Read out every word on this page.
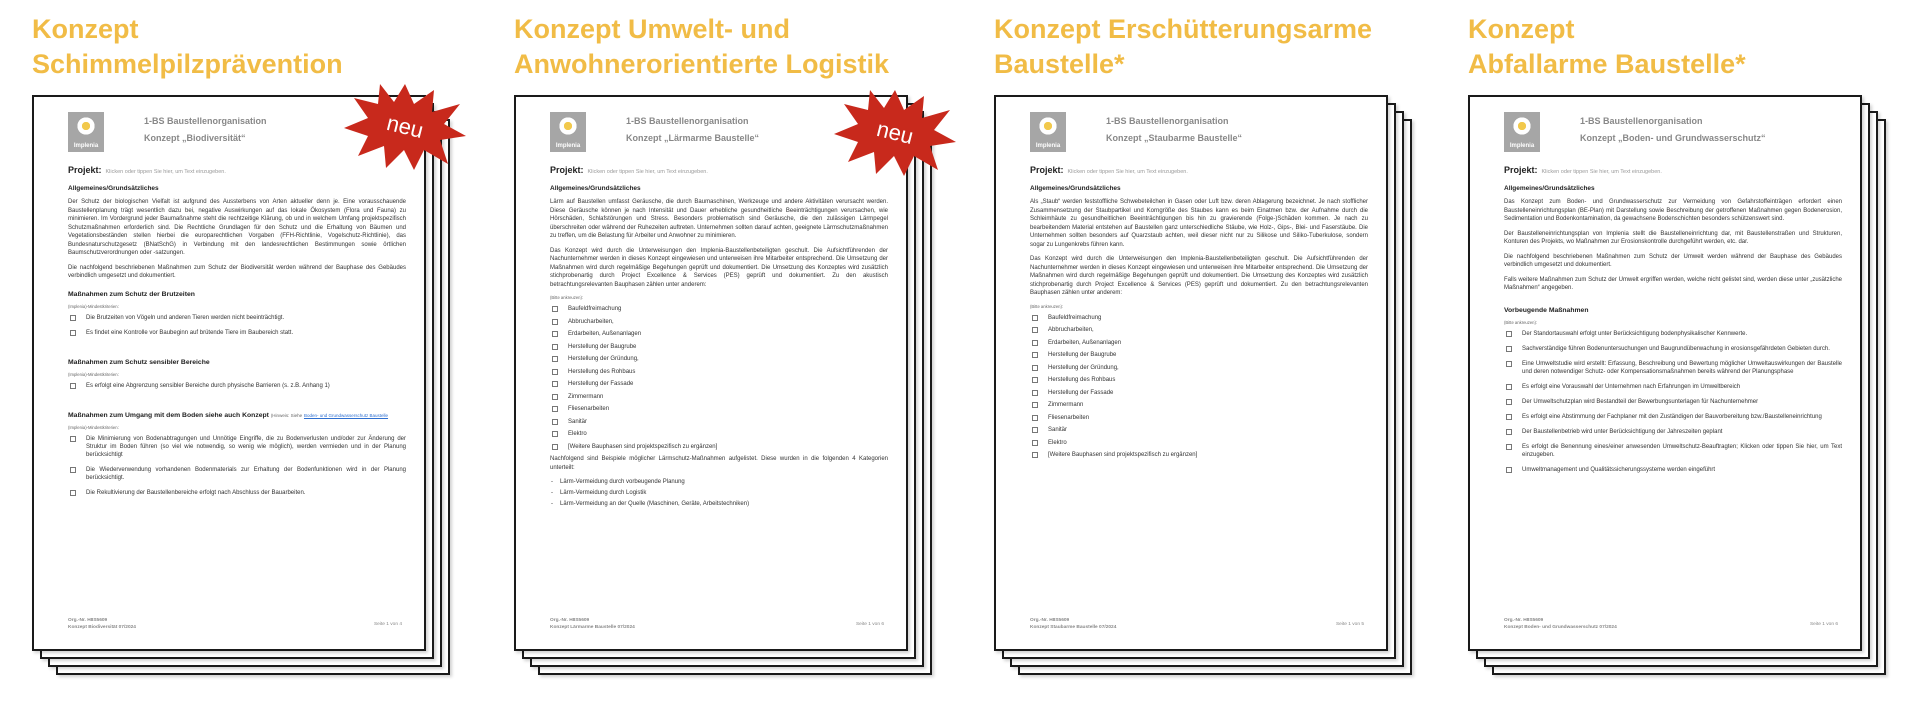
Konzept
Schimmelpilzprävention
Implenia
1-BS Baustellenorganisation
Konzept „Biodiversität“
Projekt: Klicken oder tippen Sie hier, um Text einzugeben.
Allgemeines/Grundsätzliches
Der Schutz der biologischen Vielfalt ist aufgrund des Aussterbens von Arten aktueller denn je. Eine vorausschauende Baustellenplanung trägt wesentlich dazu bei, negative Auswirkungen auf das lokale Ökosystem (Flora und Fauna) zu minimieren. Im Vordergrund jeder Baumaßnahme steht die rechtzeitige Klärung, ob und in welchem Umfang projektspezifisch Schutzmaßnahmen erforderlich sind. Die Rechtliche Grundlagen für den Schutz und die Erhaltung von Bäumen und Vegetationsbeständen stellen hierbei die europarechtlichen Vorgaben (FFH-Richtlinie, Vogelschutz-Richtlinie), das Bundesnaturschutzgesetz (BNatSchG) in Verbindung mit den landesrechtlichen Bestimmungen sowie örtlichen Baumschutzverordnungen oder -satzungen.
Die nachfolgend beschriebenen Maßnahmen zum Schutz der Biodiversität werden während der Bauphase des Gebäudes verbindlich umgesetzt und dokumentiert.
Maßnahmen zum Schutz der Brutzeiten
(Implenia)-Mindestkriterien:
Die Brutzeiten von Vögeln und anderen Tieren werden nicht beeinträchtigt.
Es findet eine Kontrolle vor Baubeginn auf brütende Tiere im Baubereich statt.
Maßnahmen zum Schutz sensibler Bereiche
(Implenia)-Mindestkriterien:
Es erfolgt eine Abgrenzung sensibler Bereiche durch physische Barrieren (s. z.B. Anhang 1)
Maßnahmen zum Umgang mit dem Boden siehe auch Konzept (Hinweis: Siehe Boden- und Grundwasserschutz Baustelle
(Implenia)-Mindestkriterien:
Die Minimierung von Bodenabtragungen und Unnötige Eingriffe, die zu Bodenverlusten und/oder zur Änderung der Struktur im Boden führen (so viel wie notwendig, so wenig wie möglich), werden vermieden und in der Planung berücksichtigt
Die Wiederverwendung vorhandenen Bodenmaterials zur Erhaltung der Bodenfunktionen wird in der Planung berücksichtigt.
Die Rekultivierung der Baustellenbereiche erfolgt nach Abschluss der Bauarbeiten.
Org.-Nr. H8S5609
Konzept Biodiversität 07/2024
Seite 1 von 4
neu
Konzept Umwelt- und
Anwohnerorientierte Logistik
Implenia
1-BS Baustellenorganisation
Konzept „Lärmarme Baustelle“
Projekt: Klicken oder tippen Sie hier, um Text einzugeben.
Allgemeines/Grundsätzliches
Lärm auf Baustellen umfasst Geräusche, die durch Baumaschinen, Werkzeuge und andere Aktivitäten verursacht werden. Diese Geräusche können je nach Intensität und Dauer erhebliche gesundheitliche Beeinträchtigungen verursachen, wie Hörschäden, Schlafstörungen und Stress. Besonders problematisch sind Geräusche, die den zulässigen Lärmpegel überschreiten oder während der Ruhezeiten auftreten. Unternehmen sollten darauf achten, geeignete Lärmschutzmaßnahmen zu treffen, um die Belastung für Arbeiter und Anwohner zu minimieren.
Das Konzept wird durch die Unterweisungen den Implenia-Baustellenbeteiligten geschult. Die Aufsichtführenden der Nachunternehmer werden in dieses Konzept eingewiesen und unterweisen ihre Mitarbeiter entsprechend. Die Umsetzung der Maßnahmen wird durch regelmäßige Begehungen geprüft und dokumentiert. Die Umsetzung des Konzeptes wird zusätzlich stichprobenartig durch Project Excellence & Services (PES) geprüft und dokumentiert. Zu den akustisch betrachtungsrelevanten Bauphasen zählen unter anderem:
(Bitte ankreuzen):
Baufeldfreimachung
Abbrucharbeiten,
Erdarbeiten, Außenanlagen
Herstellung der Baugrube
Herstellung der Gründung,
Herstellung des Rohbaus
Herstellung der Fassade
Zimmermann
Fliesenarbeiten
Sanitär
Elektro
[Weitere Bauphasen sind projektspezifisch zu ergänzen]
Nachfolgend sind Beispiele möglicher Lärmschutz-Maßnahmen aufgelistet. Diese wurden in die folgenden 4 Kategorien unterteilt:
- Lärm-Vermeidung durch vorbeugende Planung
- Lärm-Vermeidung durch Logistik
- Lärm-Vermeidung an der Quelle (Maschinen, Geräte, Arbeitstechniken)
Org.-Nr. H8S5609
Konzept Lärmarme Baustelle 07/2024
Seite 1 von 6
neu
Konzept Erschütterungsarme
Baustelle*
Implenia
1-BS Baustellenorganisation
Konzept „Staubarme Baustelle“
Projekt: Klicken oder tippen Sie hier, um Text einzugeben.
Allgemeines/Grundsätzliches
Als „Staub“ werden feststoffliche Schwebeteilchen in Gasen oder Luft bzw. deren Ablagerung bezeichnet. Je nach stofflicher Zusammensetzung der Staubpartikel und Korngröße des Staubes kann es beim Einatmen bzw. der Aufnahme durch die Schleimhäute zu gesundheitlichen Beeinträchtigungen bis hin zu gravierende (Folge-)Schäden kommen. Je nach zu bearbeitendem Material entstehen auf Baustellen ganz unterschiedliche Stäube, wie Holz-, Gips-, Blei- und Faserstäube. Die Unternehmen sollten besonders auf Quarzstaub achten, weil dieser nicht nur zu Silikose und Siliko-Tuberkulose, sondern sogar zu Lungenkrebs führen kann.
Das Konzept wird durch die Unterweisungen den Implenia-Baustellenbeteiligten geschult. Die Aufsichtführenden der Nachunternehmer werden in dieses Konzept eingewiesen und unterweisen ihre Mitarbeiter entsprechend. Die Umsetzung der Maßnahmen wird durch regelmäßige Begehungen geprüft und dokumentiert. Die Umsetzung des Konzeptes wird zusätzlich stichprobenartig durch Project Excellence & Services (PES) geprüft und dokumentiert. Zu den betrachtungsrelevanten Bauphasen zählen unter anderem:
(Bitte ankreuzen):
Baufeldfreimachung
Abbrucharbeiten,
Erdarbeiten, Außenanlagen
Herstellung der Baugrube
Herstellung der Gründung,
Herstellung des Rohbaus
Herstellung der Fassade
Zimmermann
Fliesenarbeiten
Sanitär
Elektro
[Weitere Bauphasen sind projektspezifisch zu ergänzen]
Org.-Nr. H8S5609
Konzept Staubarme Baustelle 07/2024
Seite 1 von 5
Konzept
Abfallarme Baustelle*
Implenia
1-BS Baustellenorganisation
Konzept „Boden- und Grundwasserschutz“
Projekt: Klicken oder tippen Sie hier, um Text einzugeben.
Allgemeines/Grundsätzliches
Das Konzept zum Boden- und Grundwasserschutz zur Vermeidung von Gefahrstoffeinträgen erfordert einen Baustelleneinrichtungsplan (BE-Plan) mit Darstellung sowie Beschreibung der getroffenen Maßnahmen gegen Bodenerosion, Sedimentation und Bodenkontamination, da gewachsene Bodenschichten besonders schützenswert sind.
Der Baustelleneinrichtungsplan von Implenia stellt die Baustelleneinrichtung dar, mit Baustellenstraßen und Strukturen, Konturen des Projekts, wo Maßnahmen zur Erosionskontrolle durchgeführt werden, etc. dar.
Die nachfolgend beschriebenen Maßnahmen zum Schutz der Umwelt werden während der Bauphase des Gebäudes verbindlich umgesetzt und dokumentiert.
Falls weitere Maßnahmen zum Schutz der Umwelt ergriffen werden, welche nicht gelistet sind, werden diese unter „zusätzliche Maßnahmen“ angegeben.
Vorbeugende Maßnahmen
(Bitte ankreuzen):
Der Standortauswahl erfolgt unter Berücksichtigung bodenphysikalischer Kennwerte.
Sachverständige führen Bodenuntersuchungen und Baugrundüberwachung in erosionsgefährdeten Gebieten durch.
Eine Umweltstudie wird erstellt: Erfassung, Beschreibung und Bewertung möglicher Umweltauswirkungen der Baustelle und deren notwendiger Schutz- oder Kompensationsmaßnahmen bereits während der Planungsphase
Es erfolgt eine Vorauswahl der Unternehmen nach Erfahrungen im Umweltbereich
Der Umweltschutzplan wird Bestandteil der Bewerbungsunterlagen für Nachunternehmer
Es erfolgt eine Abstimmung der Fachplaner mit den Zuständigen der Bauvorbereitung bzw./Baustelleneinrichtung
Der Baustellenbetrieb wird unter Berücksichtigung der Jahreszeiten geplant
Es erfolgt die Benennung eines/einer anwesenden Umweltschutz-Beauftragten; Klicken oder tippen Sie hier, um Text einzugeben.
Umweltmanagement und Qualitätssicherungssysteme werden eingeführt
Org.-Nr. H8S5609
Konzept Boden- und Grundwasserschutz 07/2024
Seite 1 von 6
